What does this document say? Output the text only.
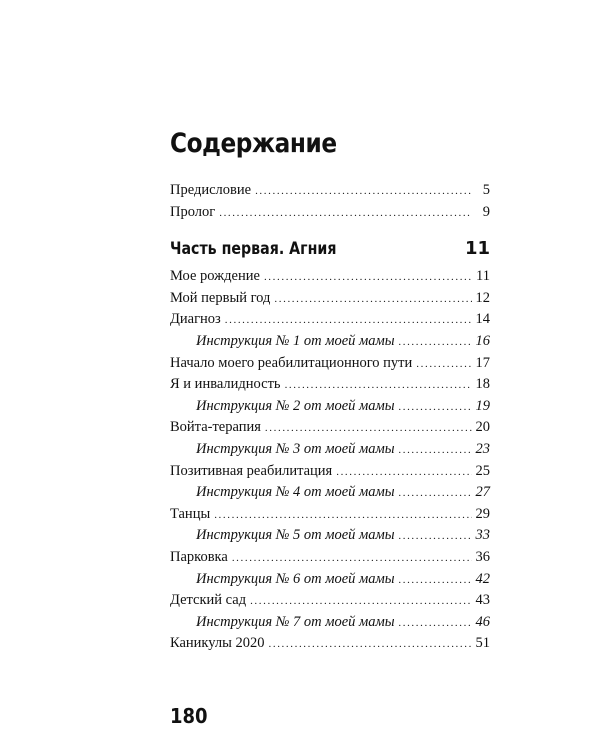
Содержание
Предисловие .....	5
Пролог .....	9
Часть первая. Агния	11
Мое рождение .....	11
Мой первый год .....	12
Диагноз .....	14
Инструкция № 1 от моей мамы .....	16
Начало моего реабилитационного пути .....	17
Я и инвалидность .....	18
Инструкция № 2 от моей мамы .....	19
Войта-терапия .....	20
Инструкция № 3 от моей мамы .....	23
Позитивная реабилитация .....	25
Инструкция № 4 от моей мамы .....	27
Танцы .....	29
Инструкция № 5 от моей мамы .....	33
Парковка .....	36
Инструкция № 6 от моей мамы .....	42
Детский сад .....	43
Инструкция № 7 от моей мамы .....	46
Каникулы 2020 .....	51
180
